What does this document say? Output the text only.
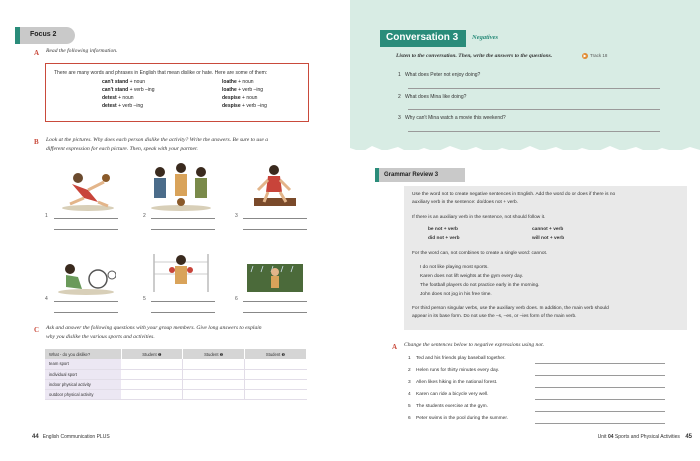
Focus 2
A Read the following information.
There are many words and phrases in English that mean dislike or hate. Here are some of them:
can't stand + noun	loathe + noun
can't stand + verb –ing	loathe + verb –ing
detest + noun	despise + noun
detest + verb –ing	despise + verb –ing
B Look at the pictures. Why does each person dislike the activity? Write the answers. Be sure to use a
different expression for each picture. Then, speak with your partner.
1	2	3
4	5	6
C Ask and answer the following questions with your group members. Give long answers to explain
why you dislike the various sports and activities.
What - do you dislike?	Student ❶	Student ❷	Student ❸
team sport			
individual sport			
indoor physical activity			
outdoor physical activity			
44 English Communication PLUS
Conversation 3	Negatives
Listen to the conversation. Then, write the answers to the questions.	▶ Track 18
1 What does Peter not enjoy doing?
2 What does Mina like doing?
3 Why can't Mina watch a movie this weekend?
Grammar Review 3
Use the word not to create negative sentences in English. Add the word do or does if there is no
auxiliary verb in the sentence: do/does not + verb.
If there is an auxiliary verb in the sentence, not should follow it.
be not + verb	cannot + verb
did not + verb	will not + verb
For the word can, not combines to create a single word: cannot.
I do not like playing most sports.
Karen does not lift weights at the gym every day.
The football players do not practice early in the morning.
John does not jog in his free time.
For third person singular verbs, use the auxiliary verb does. In addition, the main verb should
appear in its base form. Do not use the –s, –es, or –ies form of the main verb.
A Change the sentences below to negative expressions using not.
1 Ted and his friends play baseball together.
2 Helen runs for thirty minutes every day.
3 Allen likes hiking in the national forest.
4 Karen can ride a bicycle very well.
5 The students exercise at the gym.
6 Peter swims in the pool during the summer.
Unit 04 Sports and Physical Activities 45
